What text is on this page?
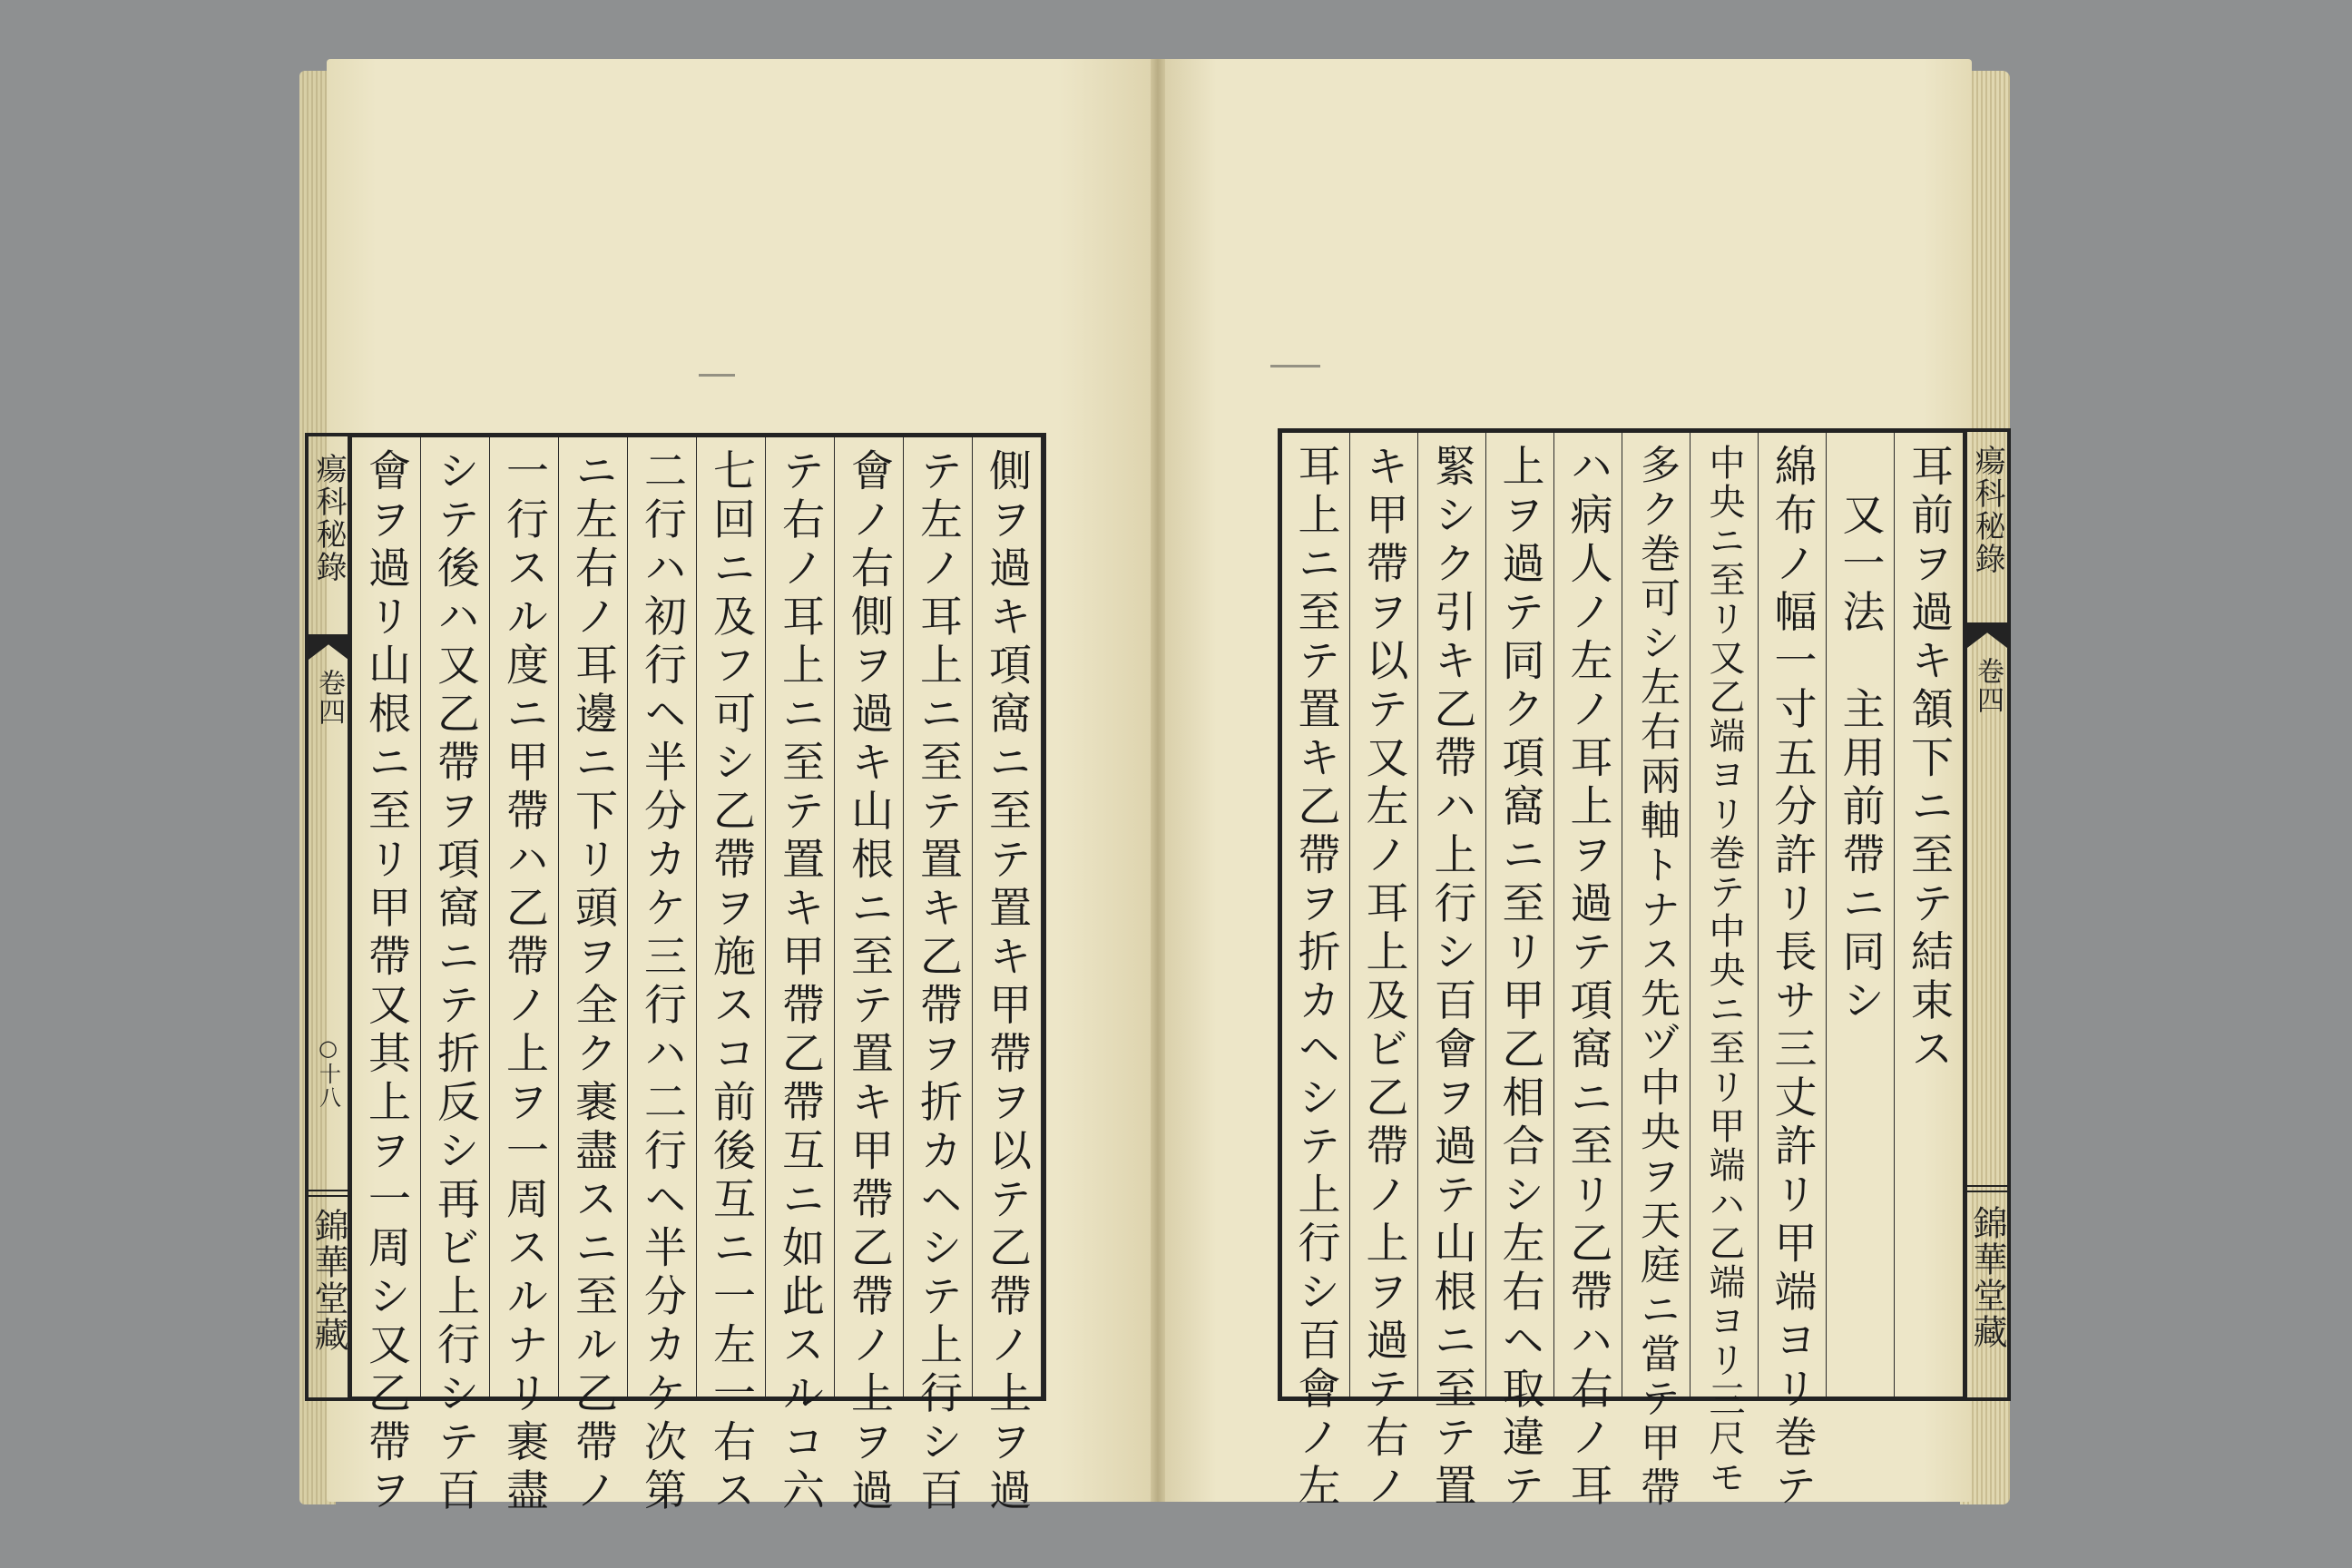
瘍科秘錄
卷四
○十八
錦華堂藏	側ヲ過キ項窩ニ至テ置キ甲帶ヲ以テ乙帶ノ上ヲ過
テ左ノ耳上ニ至テ置キ乙帶ヲ折カヘシテ上行シ百
會ノ右側ヲ過キ山根ニ至テ置キ甲帶乙帶ノ上ヲ過
テ右ノ耳上ニ至テ置キ甲帶乙帶互ニ如此スルコ六
七回ニ及フ可シ乙帶ヲ施スコ前後互ニ一左一右ス
二行ハ初行ヘ半分カケ三行ハ二行ヘ半分カケ次第
ニ左右ノ耳邊ニ下リ頭ヲ全ク裹盡スニ至ル乙帶ノ
一行スル度ニ甲帶ハ乙帶ノ上ヲ一周スルナリ裹盡
シテ後ハ又乙帶ヲ項窩ニテ折反シ再ビ上行シテ百
會ヲ過リ山根ニ至リ甲帶又其上ヲ一周シ又乙帶ヲ	耳前ヲ過キ頷下ニ至テ結束ス
　又一法　主用前帶ニ同シ
綿布ノ幅一寸五分許リ長サ三丈許リ甲端ヨリ巻テ
中央ニ至リ又乙端ヨリ巻テ中央ニ至リ甲端ハ乙端ヨリ三尺モ
多ク巻可シ左右兩軸トナス先ヅ中央ヲ天庭ニ當テ甲帶
ハ病人ノ左ノ耳上ヲ過テ項窩ニ至リ乙帶ハ右ノ耳
上ヲ過テ同ク項窩ニ至リ甲乙相合シ左右ヘ取違テ
緊シク引キ乙帶ハ上行シ百會ヲ過テ山根ニ至テ置
キ甲帶ヲ以テ又左ノ耳上及ビ乙帶ノ上ヲ過テ右ノ
耳上ニ至テ置キ乙帶ヲ折カヘシテ上行シ百會ノ左	瘍科秘錄
卷四
錦華堂藏
